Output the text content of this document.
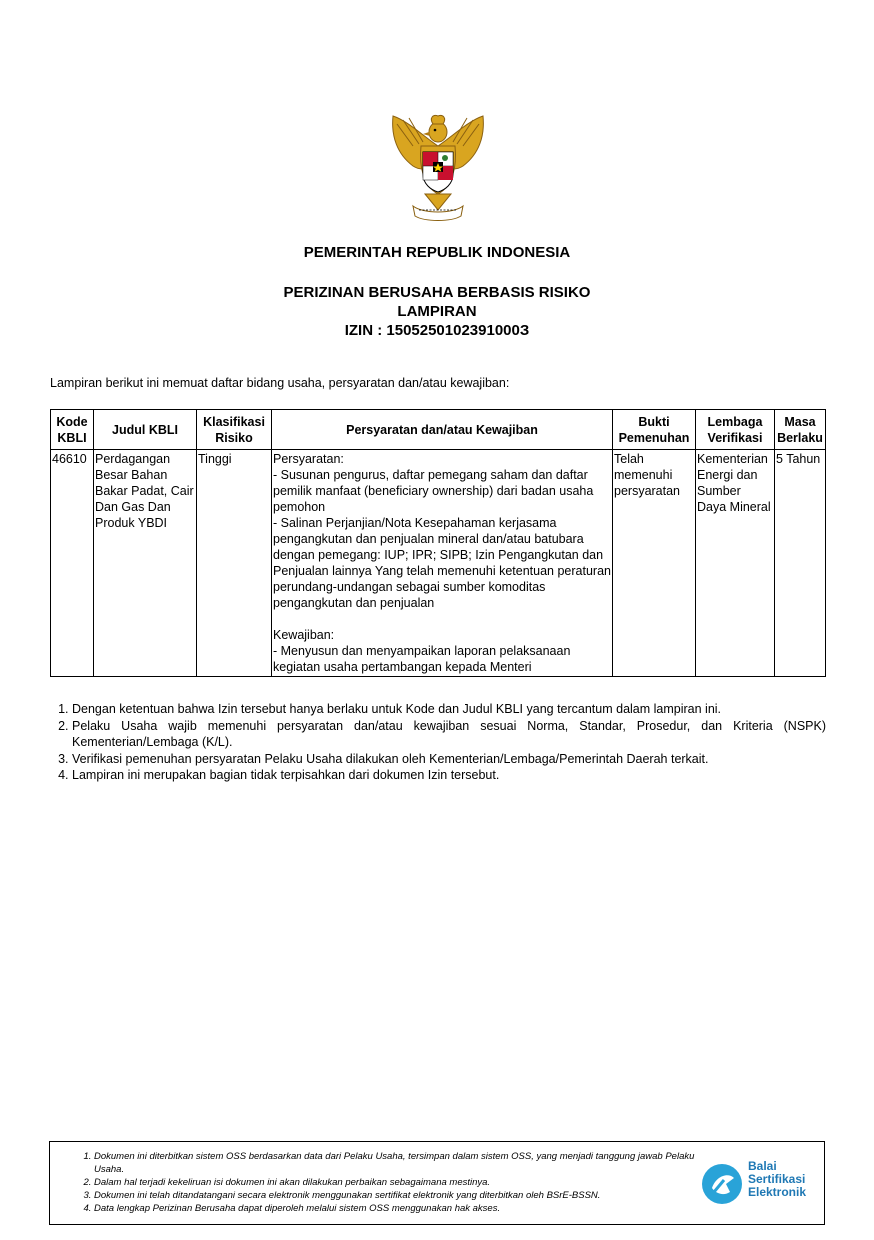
PEMERINTAH REPUBLIK INDONESIA
PERIZINAN BERUSAHA BERBASIS RISIKO
LAMPIRAN
IZIN : 1505250102391000З
Lampiran berikut ini memuat daftar bidang usaha, persyaratan dan/atau kewajiban:
Kode KBLI	Judul KBLI	Klasifikasi Risiko	Persyaratan dan/atau Kewajiban	Bukti Pemenuhan	Lembaga Verifikasi	Masa Berlaku
46610	Perdagangan Besar Bahan Bakar Padat, Cair Dan Gas Dan Produk YBDI	Tinggi	Persyaratan:
- Susunan pengurus, daftar pemegang saham dan daftar pemilik manfaat (beneficiary ownership) dari badan usaha pemohon
- Salinan Perjanjian/Nota Kesepahaman kerjasama pengangkutan dan penjualan mineral dan/atau batubara dengan pemegang: IUP; IPR; SIPB; Izin Pengangkutan dan Penjualan lainnya Yang telah memenuhi ketentuan peraturan perundang-undangan sebagai sumber komoditas pengangkutan dan penjualan
Kewajiban:
- Menyusun dan menyampaikan laporan pelaksanaan kegiatan usaha pertambangan kepada Menteri	Telah memenuhi persyaratan	Kementerian Energi dan Sumber Daya Mineral	5 Tahun
1. Dengan ketentuan bahwa Izin tersebut hanya berlaku untuk Kode dan Judul KBLI yang tercantum dalam lampiran ini.
2. Pelaku Usaha wajib memenuhi persyaratan dan/atau kewajiban sesuai Norma, Standar, Prosedur, dan Kriteria (NSPK) Kementerian/Lembaga (K/L).
3. Verifikasi pemenuhan persyaratan Pelaku Usaha dilakukan oleh Kementerian/Lembaga/Pemerintah Daerah terkait.
4. Lampiran ini merupakan bagian tidak terpisahkan dari dokumen Izin tersebut.
1. Dokumen ini diterbitkan sistem OSS berdasarkan data dari Pelaku Usaha, tersimpan dalam sistem OSS, yang menjadi tanggung jawab Pelaku Usaha.
2. Dalam hal terjadi kekeliruan isi dokumen ini akan dilakukan perbaikan sebagaimana mestinya.
3. Dokumen ini telah ditandatangani secara elektronik menggunakan sertifikat elektronik yang diterbitkan oleh BSrE-BSSN.
4. Data lengkap Perizinan Berusaha dapat diperoleh melalui sistem OSS menggunakan hak akses.
Balai
Sertifikasi
Elektronik
